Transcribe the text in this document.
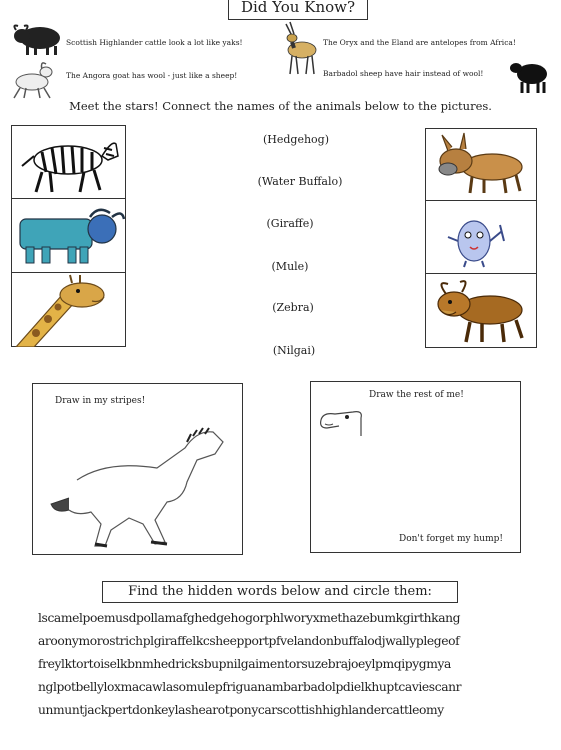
Did You Know?
Scottish Highlander cattle look a lot like yaks!	The Oryx and the Eland are antelopes from Africa!
The Angora goat has wool - just like a sheep!	Barbadol sheep have hair instead of wool!
Meet the stars! Connect the names of the animals below to the pictures.
(Hedgehog)
(Water Buffalo)
(Giraffe)
(Mule)
(Zebra)
(Nilgai)
Draw in my stripes!
Draw the rest of me!
Don't forget my hump!
Find the hidden words below and circle them:
lscamelpoemusdpollamafghedgehogorphlworyxmethazebumkgirthkang
aroonymorostrichplgiraffelkcsheepportpfvelandonbuffalodjwallyplegeof
freylktortoiselkbnmhedricksbupnilgaimentorsuzebrajoeylpmqipygmya
nglpotbellyloxmacawlasomulepfriguanambarbadolpdielkhuptcaviescanr
unmuntjackpertdonkeylashearotponycarscottishhighlandercattleomy
